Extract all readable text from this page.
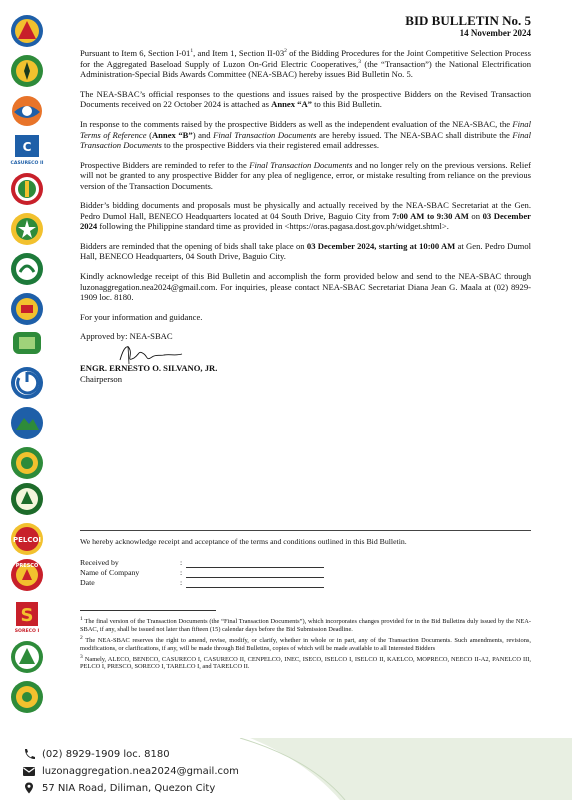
C
CASURECO II
PELCOI
PRESCO
S
SORECO I
BID BULLETIN No. 5
14 November 2024

Pursuant to Item 6, Section $I-01^1$, and Item 1, Section $II-03^2$ of the Bidding Procedures for the Joint Competitive Selection Process for the Aggregated Baseload Supply of Luzon On-Grid Electric Cooperatives,$^3$ (the “Transaction”) the National Electrification Administration-Special Bids Awards Committee (NEA-SBAC) hereby issues Bid Bulletin No. 5.

The NEA-SBAC’s official responses to the questions and issues raised by the prospective Bidders on the Revised Transaction Documents received on 22 October 2024 is attached as Annex “A” to this Bid Bulletin.

In response to the comments raised by the prospective Bidders as well as the independent evaluation of the NEA-SBAC, the Final Terms of Reference (Annex “B”) and Final Transaction Documents are hereby issued. The NEA-SBAC shall distribute the Final Transaction Documents to the prospective Bidders via their registered email addresses.

Prospective Bidders are reminded to refer to the Final Transaction Documents and no longer rely on the previous versions. Relief will not be granted to any prospective Bidder for any plea of negligence, error, or mistake resulting from reliance on the previous version of the Transaction Documents.

Bidder’s bidding documents and proposals must be physically and actually received by the NEA-SBAC Secretariat at the Gen. Pedro Dumol Hall, BENECO Headquarters located at 04 South Drive, Baguio City from 7:00 AM to 9:30 AM on 03 December 2024 following the Philippine standard time as provided in <https://oras.pagasa.dost.gov.ph/widget.shtml>.

Bidders are reminded that the opening of bids shall take place on 03 December 2024, starting at 10:00 AM at Gen. Pedro Dumol Hall, BENECO Headquarters, 04 South Drive, Baguio City.

Kindly acknowledge receipt of this Bid Bulletin and accomplish the form provided below and send to the NEA-SBAC through luzonaggregation.nea2024@gmail.com. For inquiries, please contact NEA-SBAC Secretariat Diana Jean G. Maala at (02) 8929-1909 loc. 8180.

For your information and guidance.

Approved by: NEA-SBAC

ENGR. ERNESTO O. SILVANO, JR.
Chairperson
We hereby acknowledge receipt and acceptance of the terms and conditions outlined in this Bid Bulletin.
Received by	:
Name of Company	:
Date	:
$^1$ The final version of the Transaction Documents (the “Final Transaction Documents”), which incorporates changes provided for in the Bid Bulletins duly issued by the NEA-SBAC, if any, shall be issued not later than fifteen (15) calendar days before the Bid Submission Deadline.
$^2$ The NEA-SBAC reserves the right to amend, revise, modify, or clarify, whether in whole or in part, any of the Transaction Documents. Such amendments, revisions, modifications, or clarifications, if any, will be made through Bid Bulletins, copies of which will be made available to all Interested Bidders
$^3$ Namely, ALECO, BENECO, CASURECO I, CASURECO II, CENPELCO, INEC, ISECO, ISELCO I, ISELCO II, KAELCO, MOPRECO, NEECO II-A2, PANELCO III, PELCO I, PRESCO, SORECO I, TARELCO I, and TARELCO II.
(02) 8929-1909 loc. 8180
luzonaggregation.nea2024@gmail.com
57 NIA Road, Diliman, Quezon City
